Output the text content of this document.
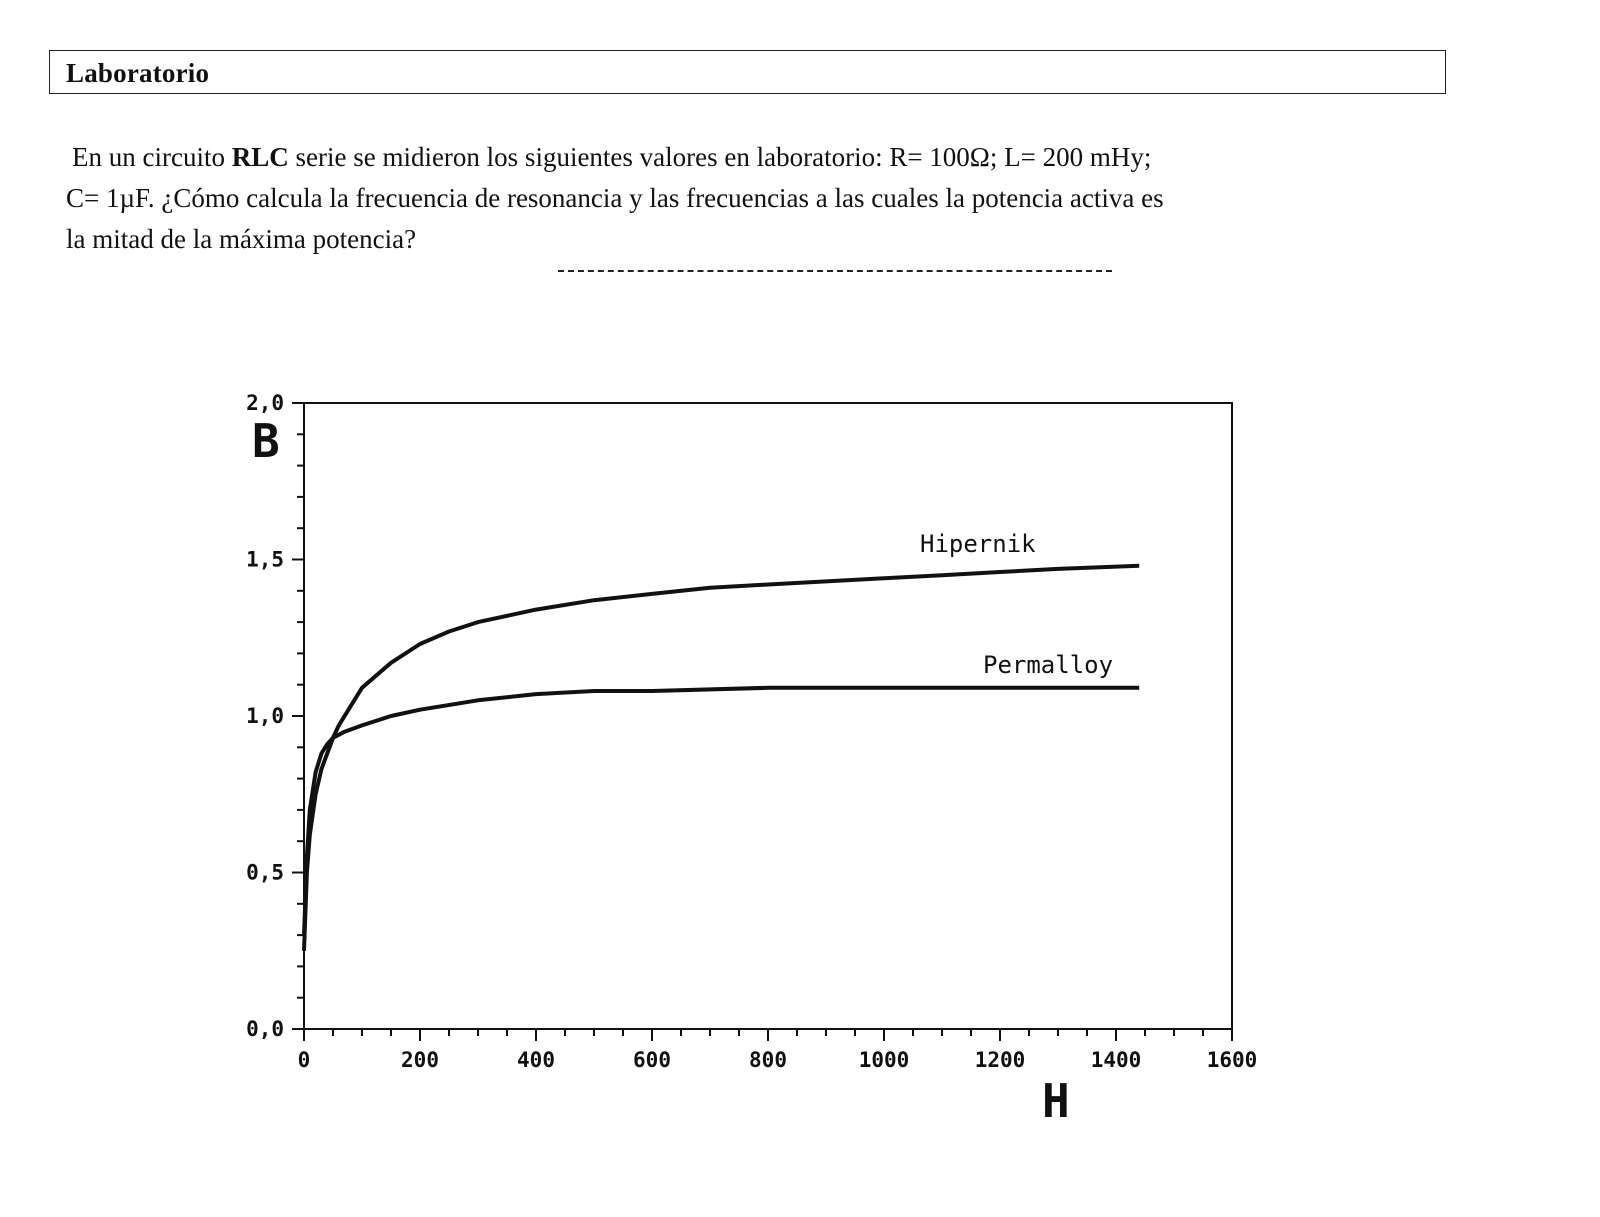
Laboratorio

En un circuito RLC serie se midieron los siguientes valores en laboratorio: R= 100Ω; L= 200 mHy;

C= 1µF. ¿Cómo calcula la frecuencia de resonancia y las frecuencias a las cuales la potencia activa es

la mitad de la máxima potencia?

0	200	400	600	800	1000	1200	1400	1600
0,0
0,5
1,0
1,5
2,0
B
H
Hipernik
Permalloy
